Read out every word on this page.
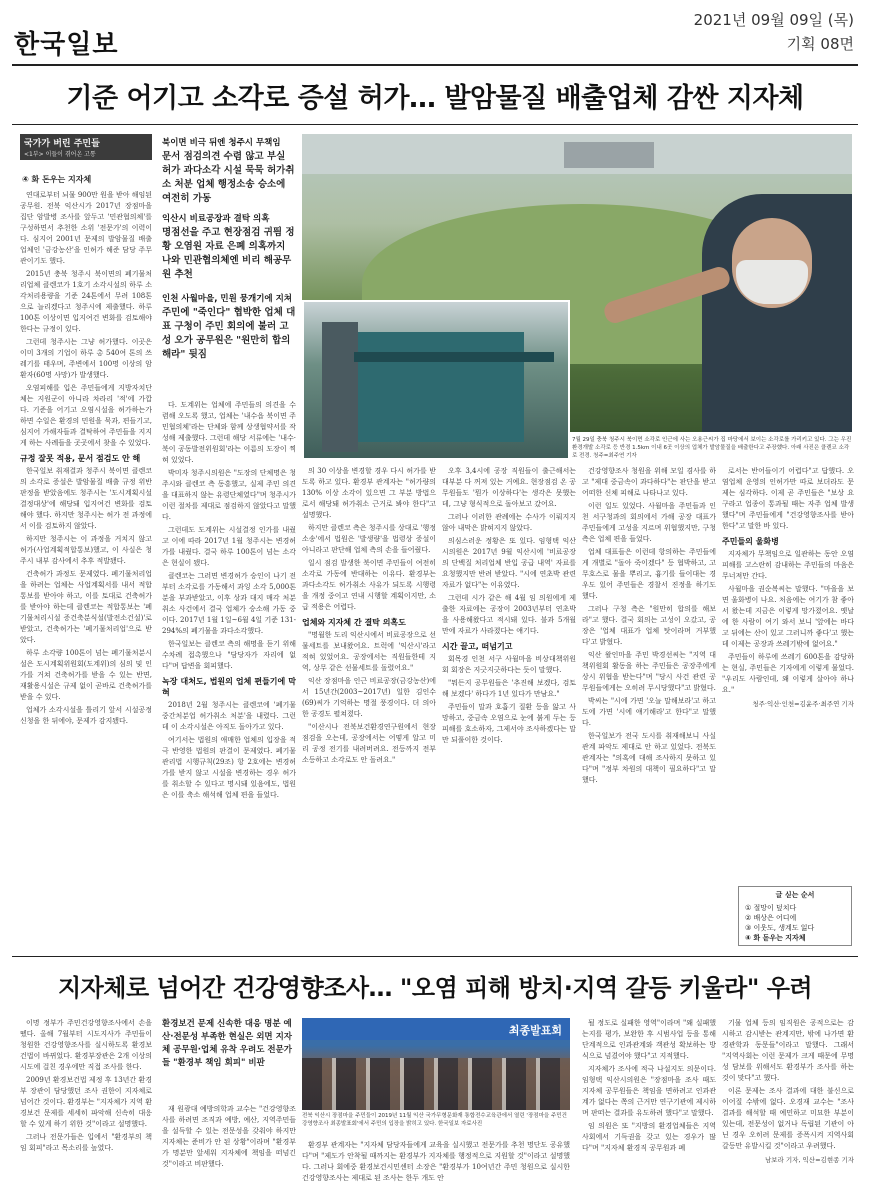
한국일보
2021년 09월 09일 (목)
기획 08면
기준 어기고 소각로 증설 허가… 발암물질 배출업체 감싼 지자체
국가가 버린 주민들
<1부> 이들이 겪어온 고통
④ 화 돈우는 지자체

연대로부터 뇌물 900만 원을 받아 해임된 공무원. 전북 익산시가 2017년 장점마을 집단 암발병 조사를 앞두고 '민관협의체'를 구성하면서 추천한 소위 '전문가'의 이력이다. 심지어 2001년 문제의 발암물질 배출업체인 '금강농산'을 인허가 해준 담당 주무관이기도 했다.

2015년 충북 청주시 북이면의 폐기물처리업체 클렌코가 1호기 소각시설의 하루 소각처리용량을 기준 24톤에서 무려 108톤으로 늘리겠다고 청주시에 제출했다. 하루 100톤 이상이면 입지여건 변화를 검토해야 한다는 규정이 있다.

그런데 청주시는 그냥 허가했다. 이곳은 이미 3개의 기업이 하루 총 540여 톤의 쓰레기를 태우며, 주변에서 100명 이상의 암 환자(60명 사망)가 발생했다.

오염피해를 입은 주민들에게 지방자치단체는 지원군이 아니라 차라리 '적'에 가깝다. 기준을 어기고 오염시설을 허가하는가 하면 수일은 환경의 민원을 묵과, 편들기고, 심지어 가해자들과 결탁하여 주민들을 지지게 하는 사례들을 곳곳에서 찾을 수 있었다.

규정 잘못 적용, 문서 점검도 안 해

한국일보 취재결과 청주시 북이면 클렌코의 소각로 증설은 발암물질 배출 규정 위반 판정을 받았음에도 청주시는 '도시계획시설 결정대상'에 해당돼 입지여건 변화를 검토해야 했다. 하지만 청주시는 허가 전 과정에서 이를 검토하지 않았다.

하지만 청주시는 이 과정을 거치지 않고 허가(사업계획적합통보)했고, 이 사실은 청주시 내부 감사에서 추후 적발됐다.

건축허가 과정도 문제였다. 폐기물처리업을 하려는 업체는 사업계획서를 내서 적합통보를 받아야 하고, 이를 토대로 건축허가를 받아야 하는데 클렌코는 적합통보는 '폐기물처리시설 증건축분식설(발전소건설)'로 받았고, 건축허가는 '폐기물처리업'으로 받았다.

하루 소각량 100톤이 넘는 폐기물처분시설은 도시계획위원회(도계위)의 심의 및 인가를 거쳐 건축허가를 받을 수 있는 반면, 재활용시설은 규제 없이 곧바로 건축허가를 받을 수 있다.

업체가 소각시설을 틀리기 앞서 시설공정 신청을 한 뒤에야, 문제가 감지됐다.

북이면 비극 뒤엔 청주시 무책임
문서 점검의견 수렴 않고 부실 허가 과다소각 시설 묵묵 허가취소 처분 업체 행정소송 승소에 여전히 가동
익산시 비료공장과 결탁 의혹
명점선을 주고 현장점검 귀띔 정황 오염원 자료 은폐 의혹까지 나와 민관협의체엔 비리 해공무원 추천
인천 사월마을, 민원 뭉개기에 지쳐
주민에 "죽인다" 협박한 업체 대표 구청이 주민 회의에 불러 고성 오가 공무원은 "원만히 합의해라" 뒷짐

다. 도계위는 업체에 주민들의 의견을 수렴해 오도록 했고, 업체는 '내수읍 북이면 주민협의체'라는 단체와 함께 상생협약서를 작성해 제출했다. 그런데 해당 서류에는 '내수·북이 공동발전위원회'라는 이름의 도장이 찍혀 있었다.

박미자 청주시의원은 "도장의 단체명은 청주시와 클렌코 측 동흥했고, 실제 주민 의견을 대표하지 않는 유령단체였다"며 청주시가 이런 절차를 제대로 점검하지 않았다고 말했다.

그런데도 도계위는 시설결정 인가를 내줬고 이에 따라 2017년 1월 청주시는 변경허가를 내줬다. 결국 하루 100톤이 넘는 소각은 현실이 됐다.

클렌코는 그러면 변경허가 승인이 나기 전부터 소각로를 가동해서 과잉 소각 5,000톤 분을 부과받았고, 이후 상과 대지 매각 처분 취소 사건에서 결국 업체가 승소해 가동 중이다. 2017년 1월 1일~6월 4일 기준 131-294%의 폐기물을 과다소각했다.

한국일보는 클렌코 측의 해명을 듣기 위해 수차례 접촉했으나 "담당자가 자리에 없다"며 답변을 회피했다.

녹장 대처도, 법원의 업체 편들기에 막혀

2018년 2월 청주시는 클렌코에 '폐기물 중간처분업 허가취소 처분'을 내렸다. 그런데 이 소각시설은 아직도 돌아가고 있다.

여기서는 법원의 애매한 업체의 입장을 적극 반영한 법원의 판결이 문제였다. 폐기물관리법 시행규칙(29조) 항 2호에는 변경허가를 받지 않고 시설을 변경하는 경우 허가를 취소할 수 있다고 명시돼 있음에도, 법원은 이를 축소 해석해 업체 편을 들었다.

7월 29일 충북 청주시 북이면 소각로 인근에 사는 오용근씨가 집 마당에서 보이는 소각로를 가리키고 있다. 그는 우진환경개발 소각로 등 반경 1.5km 이내 6곳 이상의 업체가 발암물질을 배출한다고 주장했다. 아래 사진은 클렌코 소각로 전경. 청주=최주연 기자

의 30 이상을 변경할 경우 다시 허가를 받도록 하고 있다. 환경부 관계자는 "허가량의 130% 이상 소각이 있으면 그 부분 방법으로서 해당돼 허가취소 근거로 봐야 한다"고 설명했다.

하지만 클렌코 측은 청주시를 상대로 '행정소송'에서 법원은 '발생량'을 법령상 증설이 아니라고 판단해 업체 측의 손을 들어줬다.

일시 점검 발생한 북이면 주민들이 여전히 소각로 가동에 반대하는 이유다. 환경부는 과다소각도 허가취소 사유가 되도록 시행령을 개정 중이고 연내 시행할 계획이지만, 소급 적용은 어렵다.

업체와 지자체 간 결탁 의혹도

"명월한 도리 익산시에서 비료공장으로 선물세트를 보내왔어요. 트럭에 '익산시'라고 적혀 있었어요. 공장에서는 직원들한테 지역, 상무 같은 선물세트를 돌렸어요."

익산 장점마을 인근 비료공장(금강농산)에서 15년간(2003~2017년) 일한 김인수(69)씨가 기억하는 명절 풍경이다. 더 의아한 공경도 펼쳐졌다.

"이산시나 전북보건환경연구원에서 현장 점검을 오는데, 공장에서는 어떻게 알고 미리 공정 전기를 내려버려요. 전등까지 전부 소등하고 소각로도 안 돌려요."

오후 3,4시에 공장 직원들이 출근해서는 대부분 다 꺼져 있는 거예요. 현장점검 온 공무원들도 '뭔가 이상하다'는 생각은 못했는데, 그냥 형식적으로 돌아보고 갔어요.

그러나 이러한 관례에는 수사가 이뤄지지 않아 내막은 밝혀지지 않았다.

의심스러운 정황은 또 있다. 임형택 익산시의원은 2017년 9월 익산시에 '비료공장의 단백질 처리업체 반입 공급 내역' 자료를 요청했지만 반려 받았다. "시에 연초박 관련 자료가 없다"는 이유였다.

그런데 시가 같은 해 4월 임 의원에게 제출한 자료에는 공장이 2003년부터 연초박을 사용해왔다고 적시돼 있다. 불과 5개월 만에 자료가 사라졌다는 얘기다.

시간 끌고, 떠넘기고

회목경 인천 서구 사월마을 비상대책위원회 회장은 지긋지긋하다는 듯이 말했다.

"뭐든지 공무원들은 '추진해 보겠다, 검토해 보겠다' 하다가 1년 있다가 만남요."

주민들이 말과 호흡기 질환 등을 앓고 사망하고, 중금속 오염으로 눈에 붉게 두는 등 피해를 호소하자, 그제서야 조사하겠다는 말만 되풀이한 것이다.

건강영향조사 청원을 위해 모일 겸사를 하고 "제대 중금속이 과다하다"는 판단을 받고 어떠한 신체 피해로 나타나고 있다.

이런 일도 있었다. 사월마을 주민들과 인천 서구청과의 회의에서 가해 공장 대표가 주민들에게 고성을 지르며 위협했지만, 구청 측은 업체 편을 들었다.

업체 대표들은 이런데 항의하는 주민들에게 개별로 "돌아 죽이겠다" 등 협박하고, 고무호스로 물을 뿌리고, 흉기를 들이대는 경우도 있어 주민들은 경찰서 진정을 하기도 했다.

그러나 구청 측은 "원만히 합의를 해보라"고 했다. 결국 회의는 고성이 오갔고, 공장은 '업체 대표가 업체 탓이라며 거부했다'고 밝혔다.

익산 왈인마을 주민 박경선씨는 "지역 대책위원회 활동을 하는 주민들은 공장주에게 상시 위협을 받는다"며 "당시 사건 관련 공무원들에게는 오히려 무시당했다"고 밝혔다.

박씨는 "시에 가면 '오늘 말해보라'고 하고 도에 가면 '시에 얘기해라'고 한다"고 말했다.

한국일보가 전국 도시를 취재해보니 사실관계 파악도 제대로 안 하고 있었다. 전북도 관계자는 "의혹에 대해 조사하지 못하고 있다"며 "정부 차원의 대책이 필요하다"고 말했다.

로서는 반어들이기 어렵다"고 답했다. 오염업체 운영의 인허가만 따로 보더라도 문제는 심각하다. 이제 곧 주민들은 "보상 요구라고 업종이 통과될 때는 자주 업체 발생했다"며 주민들에게 "건강영향조사를 받아 한다"고 말한 바 있다.

주민들의 울화병

지자체가 무책임으로 일관하는 동안 오염 피해를 고스란히 감내하는 주민들의 마음은 무너져만 간다.

사월마을 권순복씨는 말했다. "마을을 보면 울화병이 나요. 처음에는 여기가 참 좋아서 왔는데 지금은 이렇게 망가졌어요. 옛날에 한 사람이 여기 와서 보니 '앞에는 바다고 뒤에는 산이 있고 그러니까 좋다'고 했는데 이제는 공장과 쓰레기밖에 없어요."

주민들이 하루에 쓰레기 600톤을 감당하는 현실, 주민들은 기자에게 이렇게 물었다. "우리도 사람인데, 왜 이렇게 살아야 하나요."

청주·익산·인천=김윤주·최주연 기자

글 싣는 순서
① 절망이 덮치다
② 배상은 어디에
③ 이웃도, 생계도 잃다
④ 화 돋우는 지자체
지자체로 넘어간 건강영향조사… "오염 피해 방치·지역 갈등 키울라" 우려

이명 정부가 주민건강영향조사에서 손을 뗐다. 올해 7월부터 시도지사가 주민들이 청원한 건강영향조사를 실시하도록 환경보건법이 바뀌었다. 환경부장관은 2개 이상의 시도에 걸친 경우에만 직접 조사를 한다.

2009년 환경보건법 제정 후 13년간 환경부 장관이 담당했던 조사 권한이 지자체로 넘어간 것이다. 환경부는 "지자체가 지역 환경보건 문제를 세세히 파악해 신속히 대응할 수 있게 하기 위한 것"이라고 설명했다.

그러나 전문가들은 입에서 "환경부의 책임 회피"라고 목소리를 높였다.

환경보건 문제 신속한 대응 명분 예산·전문성 부족한 현실은 외면 지자체 공무원·업체 유착 우려도 전문가들 "환경부 책임 회피" 비판

재 원광대 예방의학과 교수는 "건강영향조사를 하려면 조직과 예방, 예산, 지역주민들을 설득할 수 있는 전문성을 갖춰야 하지만 지자체는 준비가 안 된 상황"이라며 "환경부가 명분만 앞세워 지자체에 책임을 떠넘긴 것"이라고 비판했다.

최종발표회
전북 익산시 장점마을 주민들이 2019년 11월 익산 국가무형문화재 통합전수교육관에서 열린 '장점마을 주민건강영향조사 최종발표회'에서 주민의 입장을 밝히고 있다. 한국일보 자료사진

환경부 관계자는 "지자체 담당자들에게 교육을 실시했고 전문가를 추천 명단도 공유했다"며 "제도가 안착될 때까지는 환경부가 지자체를 행정적으로 지원할 것"이라고 설명했다. 그러나 회에중 환경보건시민센터 소장은 "환경부가 10여년간 주민 청원으로 실시한 건강영향조사는 제대로 된 조사는 한두 개도 안

될 정도로 실패한 영역"이라며 "왜 실패했는지를 평가, 보완한 후 시범사업 등을 통해 단계적으로 인과관계와 객관성 확보하는 방식으로 넘겼어야 했다"고 지적했다.

지자체가 조사에 적극 나설지도 의문이다. 임형택 익산시의원은 "장점마을 조사 때도 지자체 공무원들은 책임을 면하려고 인과관계가 없다는 쪽의 근거만 연구기관에 제시하며 판떠는 결과를 유도하려 했다"고 말했다.

임 의원은 또 "지방의 환경업체들은 지역사회에서 기득권을 갖고 있는 경우가 많다"며 "지자체 환경직 공무원과 폐

기물 업체 등의 임직원은 공적으로는 감시하고 감시받는 관계지만, 밖에 나가면 환경관학과 동문들"이라고 말했다. 그래서 "지역사회는 이런 문제가 크게 때문에 무명성 담보를 위해서도 환경부가 조사를 하는 것이 맞다"고 했다.

이론 문제는 조사 결과에 대한 불신으로 이어질 수밖에 없다. 오경재 교수는 "조사 결과를 해석할 때 예민하고 미묘한 부분이 있는데, 전문성이 없거나 독립된 기관이 아닌 경우 오히려 문제를 증폭시켜 지역사회 갈등만 유발시킬 것"이라고 우려했다.

남보라 기자, 익산=김현종 기자
